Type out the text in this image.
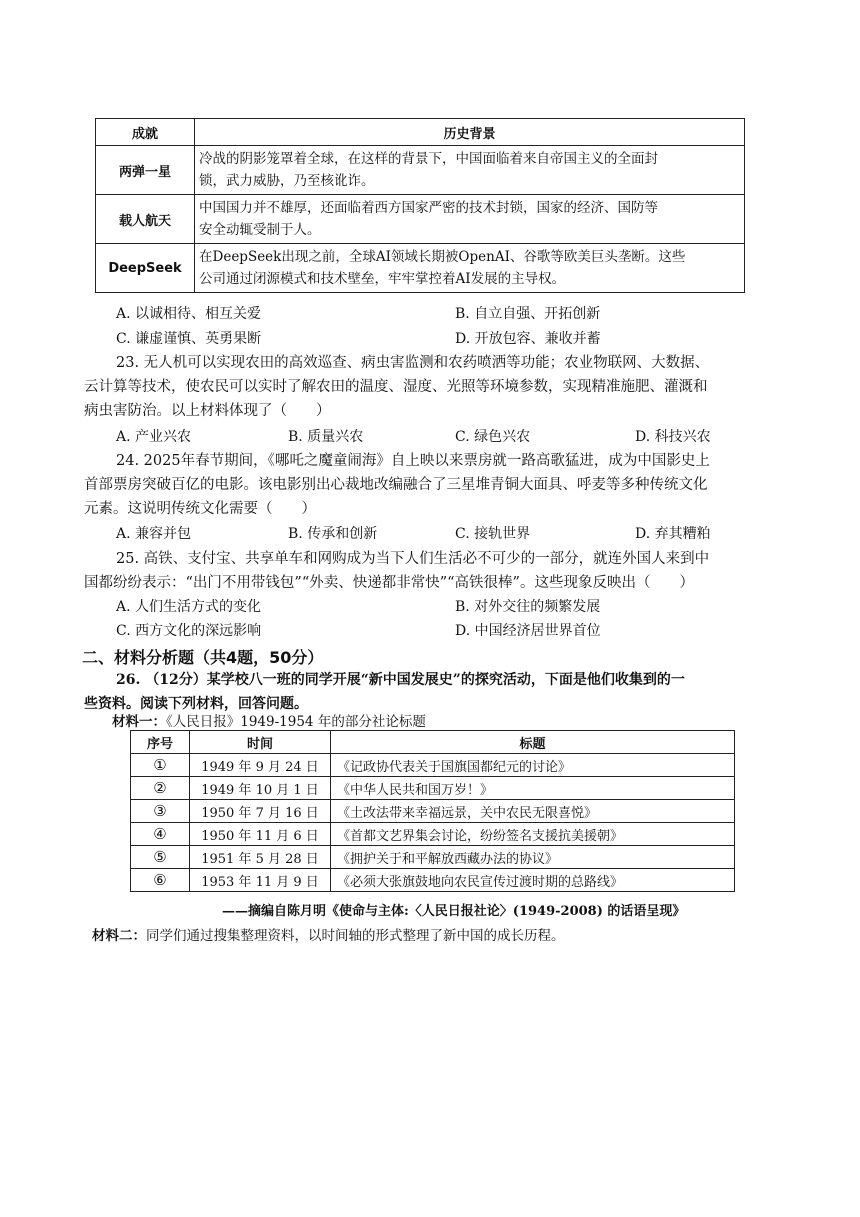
成就	历史背景
两弹一星	冷战的阴影笼罩着全球，在这样的背景下，中国面临着来自帝国主义的全面封
锁，武力威胁，乃至核讹诈。

载人航天	中国国力并不雄厚，还面临着西方国家严密的技术封锁，国家的经济、国防等
安全动辄受制于人。

DeepSeek	在DeepSeek出现之前，全球AI领域长期被OpenAI、谷歌等欧美巨头垄断。这些
公司通过闭源模式和技术壁垒，牢牢掌控着AI发展的主导权。
A. 以诚相待、相互关爱	B. 自立自强、开拓创新
C. 谦虚谨慎、英勇果断	D. 开放包容、兼收并蓄
23. 无人机可以实现农田的高效巡查、病虫害监测和农药喷洒等功能；农业物联网、大数据、
云计算等技术，使农民可以实时了解农田的温度、湿度、光照等环境参数，实现精准施肥、灌溉和
病虫害防治。以上材料体现了（　　）
A. 产业兴农	B. 质量兴农	C. 绿色兴农	D. 科技兴农
24. 2025年春节期间，《哪吒之魔童闹海》自上映以来票房就一路高歌猛进，成为中国影史上
首部票房突破百亿的电影。该电影别出心裁地改编融合了三星堆青铜大面具、呼麦等多种传统文化
元素。这说明传统文化需要（　　）
A. 兼容并包	B. 传承和创新	C. 接轨世界	D. 弃其糟粕
25. 高铁、支付宝、共享单车和网购成为当下人们生活必不可少的一部分，就连外国人来到中
国都纷纷表示：“出门不用带钱包”“外卖、快递都非常快”“高铁很棒”。这些现象反映出（　　）
A. 人们生活方式的变化	B. 对外交往的频繁发展
C. 西方文化的深远影响	D. 中国经济居世界首位
二、材料分析题（共4题，50分）
26. （12分）某学校八一班的同学开展“新中国发展史”的探究活动，下面是他们收集到的一
些资料。阅读下列材料，回答问题。
材料一：《人民日报》1949-1954 年的部分社论标题
序号	时间	标题
①	1949 年 9 月 24 日	《记政协代表关于国旗国都纪元的讨论》
②	1949 年 10 月 1 日	《中华人民共和国万岁！》
③	1950 年 7 月 16 日	《土改法带来幸福远景，关中农民无限喜悦》
④	1950 年 11 月 6 日	《首都文艺界集会讨论，纷纷签名支援抗美援朝》
⑤	1951 年 5 月 28 日	《拥护关于和平解放西藏办法的协议》
⑥	1953 年 11 月 9 日	《必须大张旗鼓地向农民宣传过渡时期的总路线》
——摘编自陈月明《使命与主体:〈人民日报社论〉(1949-2008) 的话语呈现》
材料二：同学们通过搜集整理资料，以时间轴的形式整理了新中国的成长历程。
